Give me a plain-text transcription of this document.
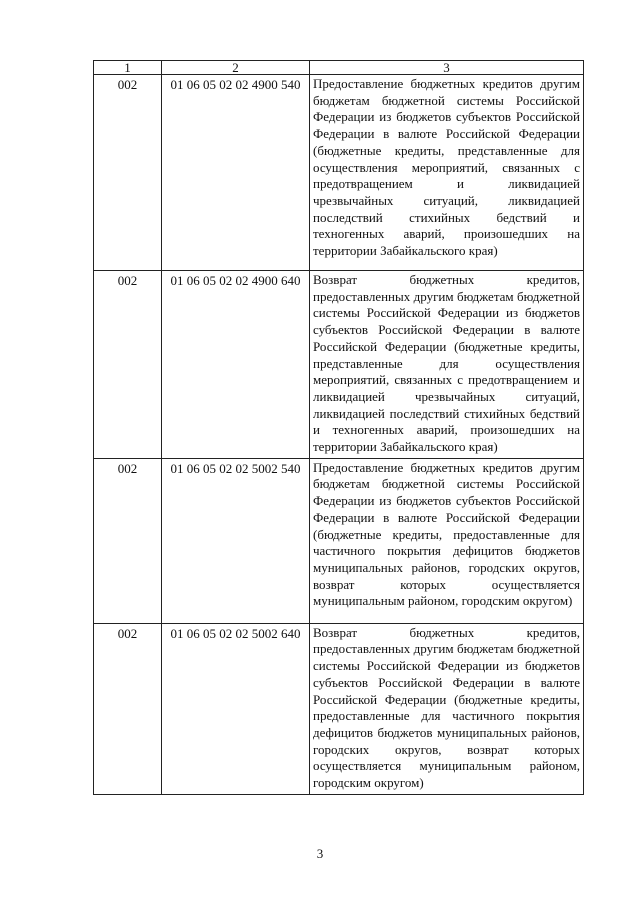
1	2	3
002	01 06 05 02 02 4900 540	Предоставление бюджетных кредитов другим бюджетам бюджетной системы Российской Федерации из бюджетов субъектов Российской Федерации в валюте Российской Федерации (бюджетные кредиты, представленные для осуществления мероприятий, связанных с предотвращением и ликвидацией чрезвычайных ситуаций, ликвидацией последствий стихийных бедствий и техногенных аварий, произошедших на территории Забайкальского края)
002	01 06 05 02 02 4900 640	Возврат бюджетных кредитов, предоставленных другим бюджетам бюджетной системы Российской Федерации из бюджетов субъектов Российской Федерации в валюте Российской Федерации (бюджетные кредиты, представленные для осуществления мероприятий, связанных с предотвращением и ликвидацией чрезвычайных ситуаций, ликвидацией последствий стихийных бедствий и техногенных аварий, произошедших на территории Забайкальского края)
002	01 06 05 02 02 5002 540	Предоставление бюджетных кредитов другим бюджетам бюджетной системы Российской Федерации из бюджетов субъектов Российской Федерации в валюте Российской Федерации (бюджетные кредиты, предоставленные для частичного покрытия дефицитов бюджетов муниципальных районов, городских округов, возврат которых осуществляется муниципальным районом, городским округом)
002	01 06 05 02 02 5002 640	Возврат бюджетных кредитов, предоставленных другим бюджетам бюджетной системы Российской Федерации из бюджетов субъектов Российской Федерации в валюте Российской Федерации (бюджетные кредиты, предоставленные для частичного покрытия дефицитов бюджетов муниципальных районов, городских округов, возврат которых осуществляется муниципальным районом, городским округом)
3
